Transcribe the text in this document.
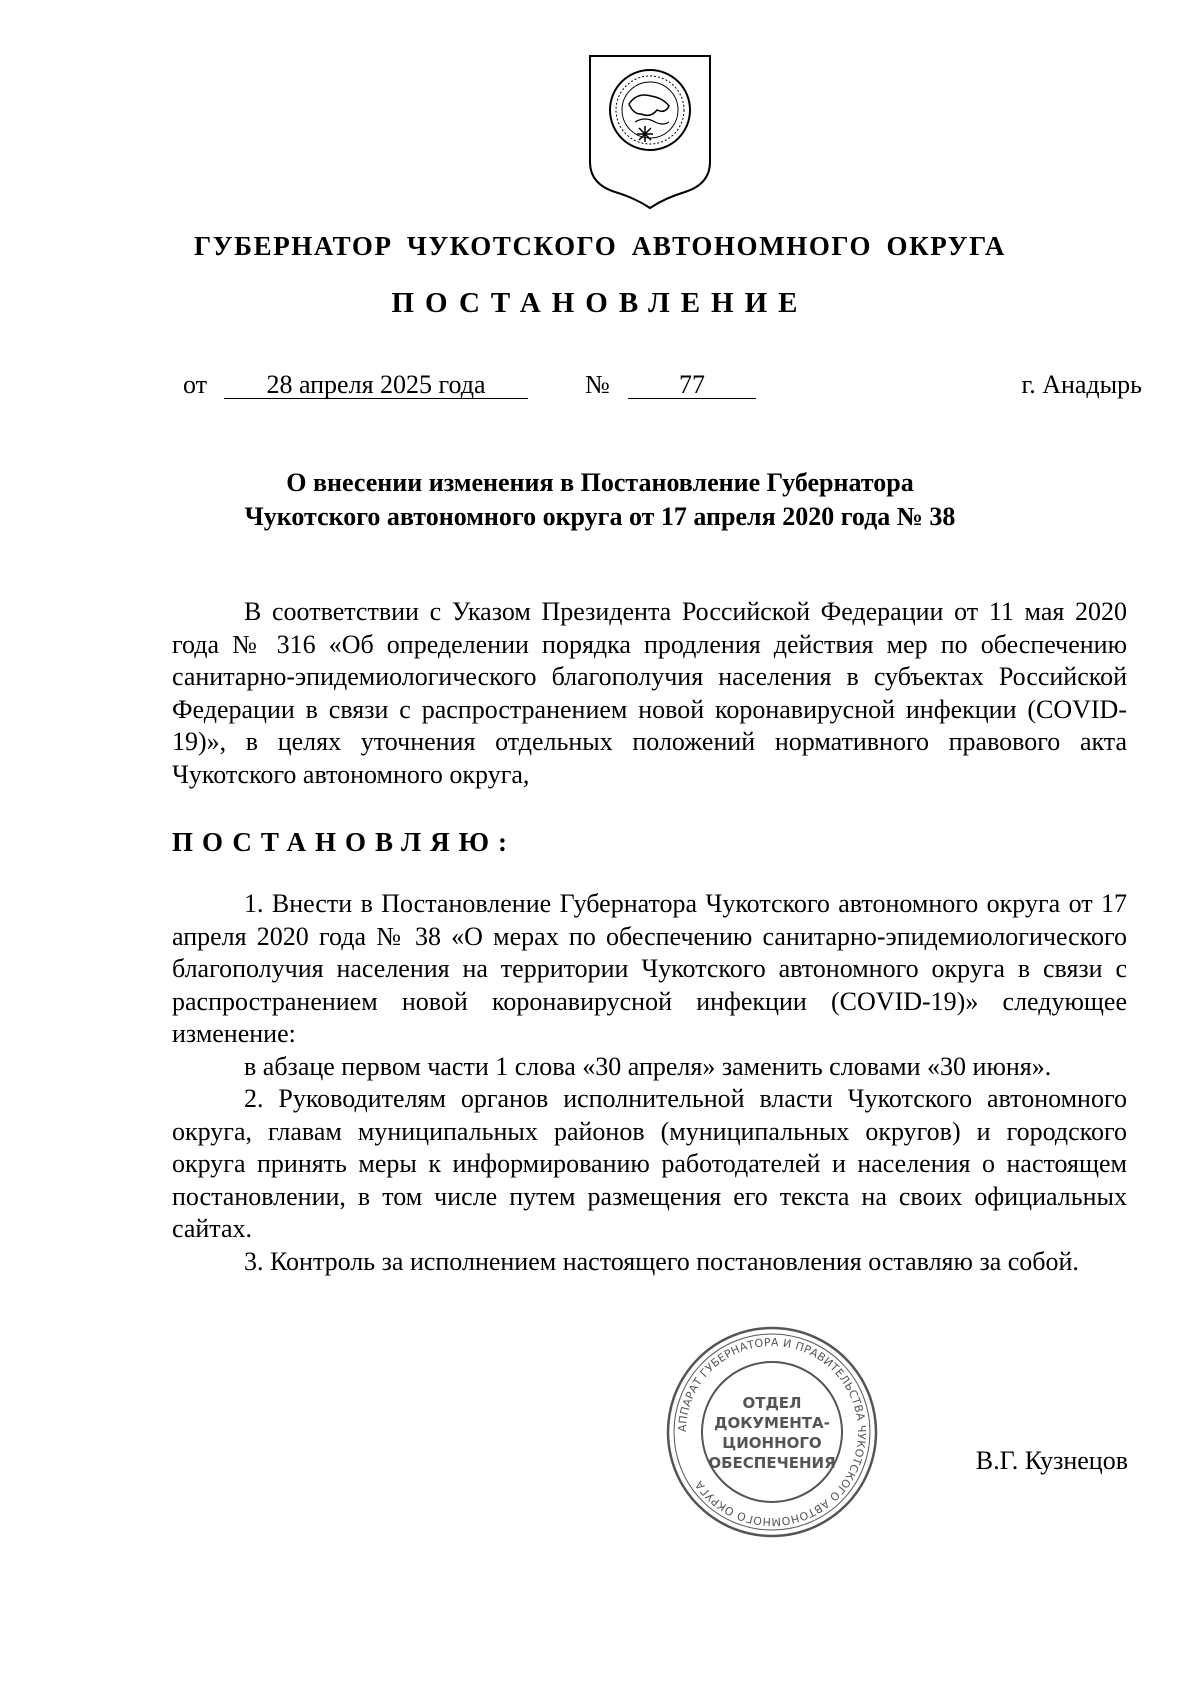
ГУБЕРНАТОР ЧУКОТСКОГО АВТОНОМНОГО ОКРУГА
ПОСТАНОВЛЕНИЕ
от	28 апреля 2025 года	№	77	г. Анадырь
О внесении изменения в Постановление Губернатора
Чукотского автономного округа от 17 апреля 2020 года № 38

В соответствии с Указом Президента Российской Федерации от 11 мая 2020 года № 316 «Об определении порядка продления действия мер по обеспечению санитарно-эпидемиологического благополучия населения в субъектах Российской Федерации в связи с распространением новой коронавирусной инфекции (COVID-19)», в целях уточнения отдельных положений нормативного правового акта Чукотского автономного округа,

ПОСТАНОВЛЯЮ:

1. Внести в Постановление Губернатора Чукотского автономного округа от 17 апреля 2020 года № 38 «О мерах по обеспечению санитарно-эпидемиологического благополучия населения на территории Чукотского автономного округа в связи с распространением новой коронавирусной инфекции (COVID-19)» следующее изменение:

в абзаце первом части 1 слова «30 апреля» заменить словами «30 июня».

2. Руководителям органов исполнительной власти Чукотского автономного округа, главам муниципальных районов (муниципальных округов) и городского округа принять меры к информированию работодателей и населения о настоящем постановлении, в том числе путем размещения его текста на своих официальных сайтах.

3. Контроль за исполнением настоящего постановления оставляю за собой.

АППАРАТ ГУБЕРНАТОРА И ПРАВИТЕЛЬСТВА ЧУКОТСКОГО АВТОНОМНОГО ОКРУГА
ОТДЕЛ
ДОКУМЕНТА-
ЦИОННОГО
ОБЕСПЕЧЕНИЯ	В.Г. Кузнецов
